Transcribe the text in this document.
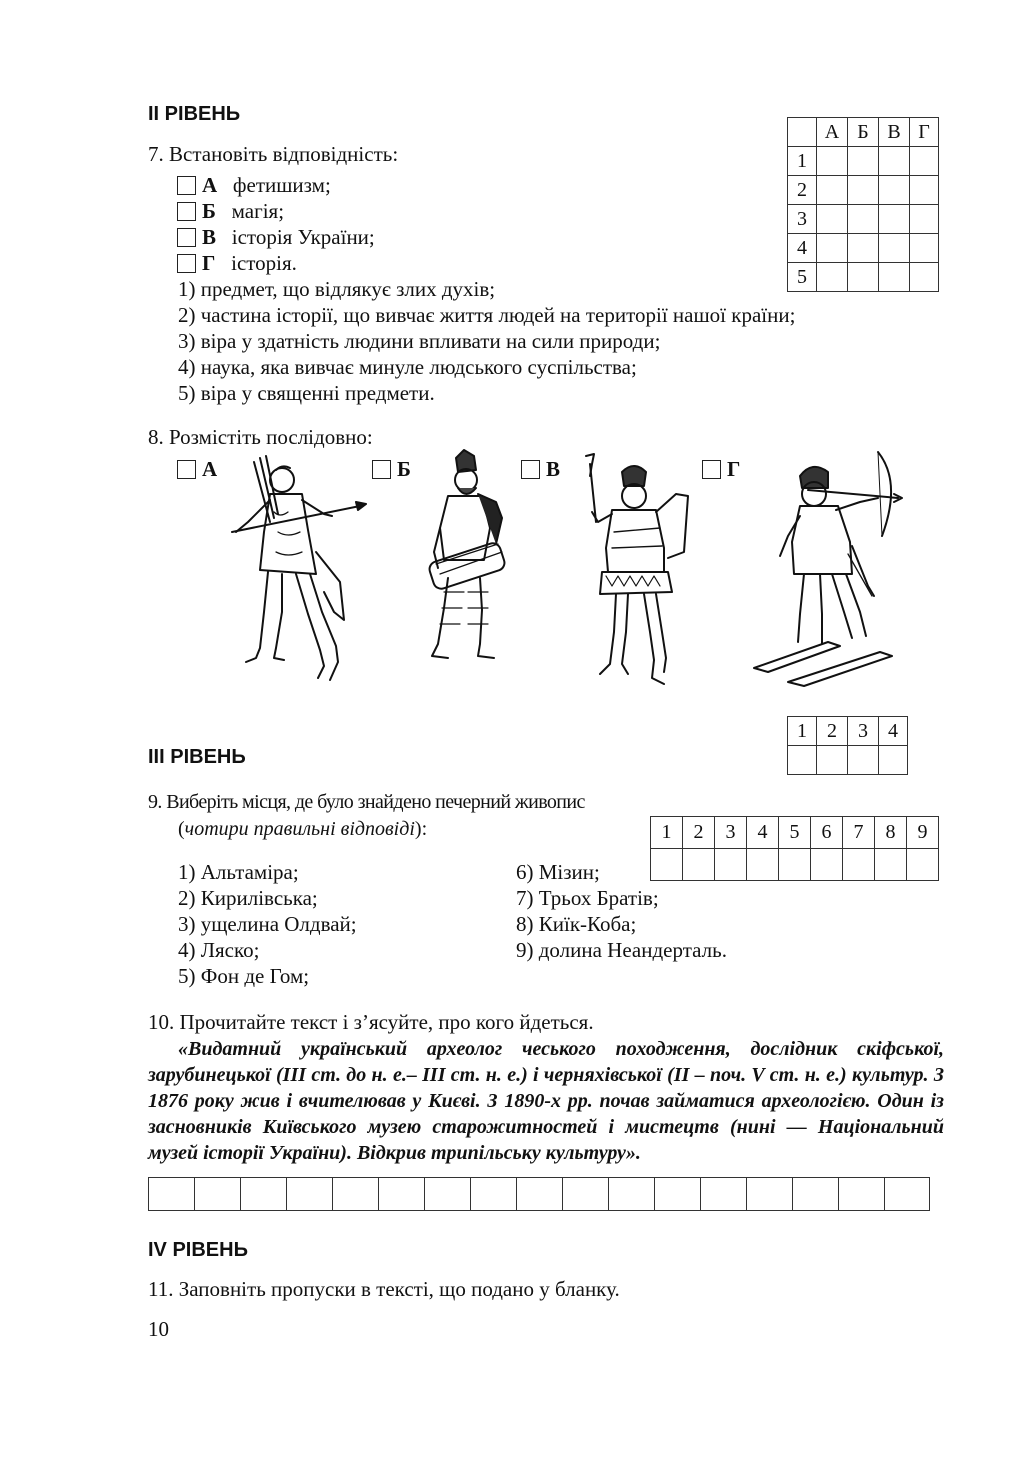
ІІ РІВЕНЬ
7. Встановіть відповідність:
А фетишизм;
Б магія;
В історія України;
Г історія.
1) предмет, що відлякує злих духів;
2) частина історії, що вивчає життя людей на території нашої країни;
3) віра у здатність людини впливати на сили природи;
4) наука, яка вивчає минуле людського суспільства;
5) віра у священні предмети.
	А	Б	В	Г
1				
2				
3				
4				
5				
8. Розмістіть послідовно:
А	Б	В	Г
1	2	3	4

ІІІ РІВЕНЬ
9. Виберіть місця, де було знайдено печерний живопис
(чотири правильні відповіді):	1	2	3	4	5	6	7	8	9

1) Альтаміра;
2) Кирилівська;
3) ущелина Олдвай;
4) Ляско;
5) Фон де Гом;
6) Мізин;
7) Трьох Братів;
8) Киїк-Коба;
9) долина Неандерталь.
10. Прочитайте текст і з’ясуйте, про кого йдеться.
«Видатний український археолог чеського походження, дослідник скіфської, зарубинецької (ІІІ ст. до н. е.– ІІІ ст. н. е.) і черняхівської (ІІ – поч. V ст. н. е.) культур. З 1876 року жив і вчителював у Києві. З 1890-х рр. почав займатися археологією. Один із засновників Київського музею старожитностей і мистецтв (нині — Національний музей історії України). Відкрив трипільську культуру».

IV РІВЕНЬ
11. Заповніть пропуски в тексті, що подано у бланку.
10
